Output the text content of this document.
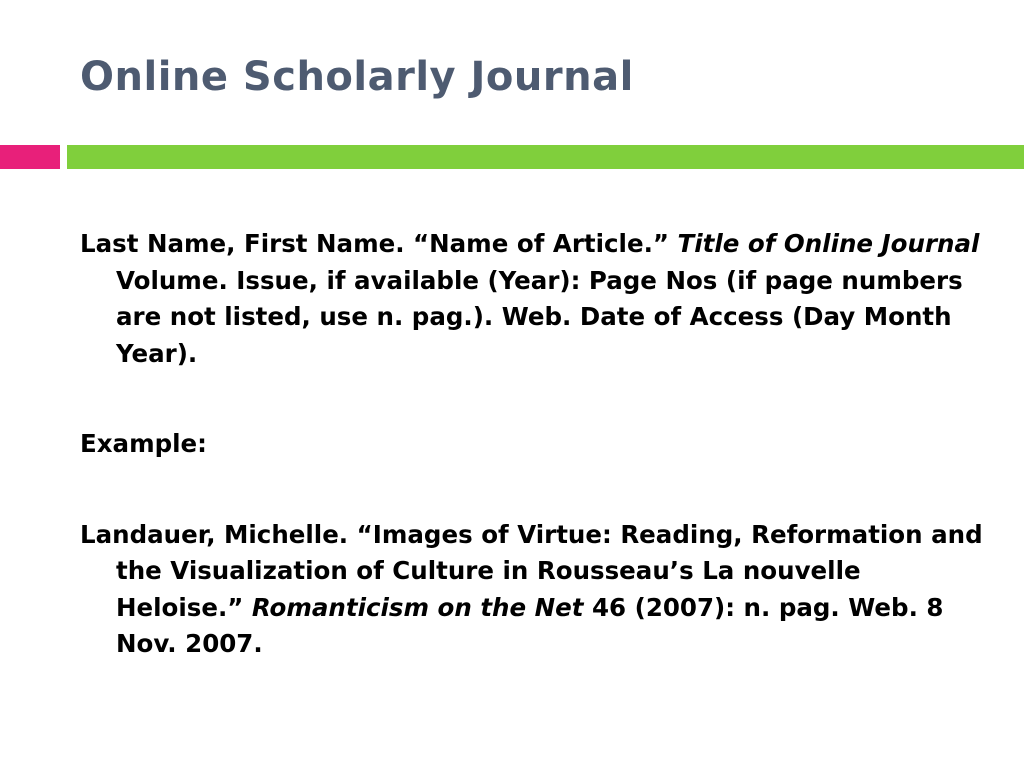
Online Scholarly Journal

Last Name, First Name. “Name of Article.” Title of Online Journal Volume. Issue, if available (Year): Page Nos (if page numbers are not listed, use n. pag.). Web. Date of Access (Day Month Year).

Example:

Landauer, Michelle. “Images of Virtue: Reading, Reformation and the Visualization of Culture in Rousseau’s La nouvelle Heloise.” Romanticism on the Net 46 (2007): n. pag. Web. 8 Nov. 2007.
